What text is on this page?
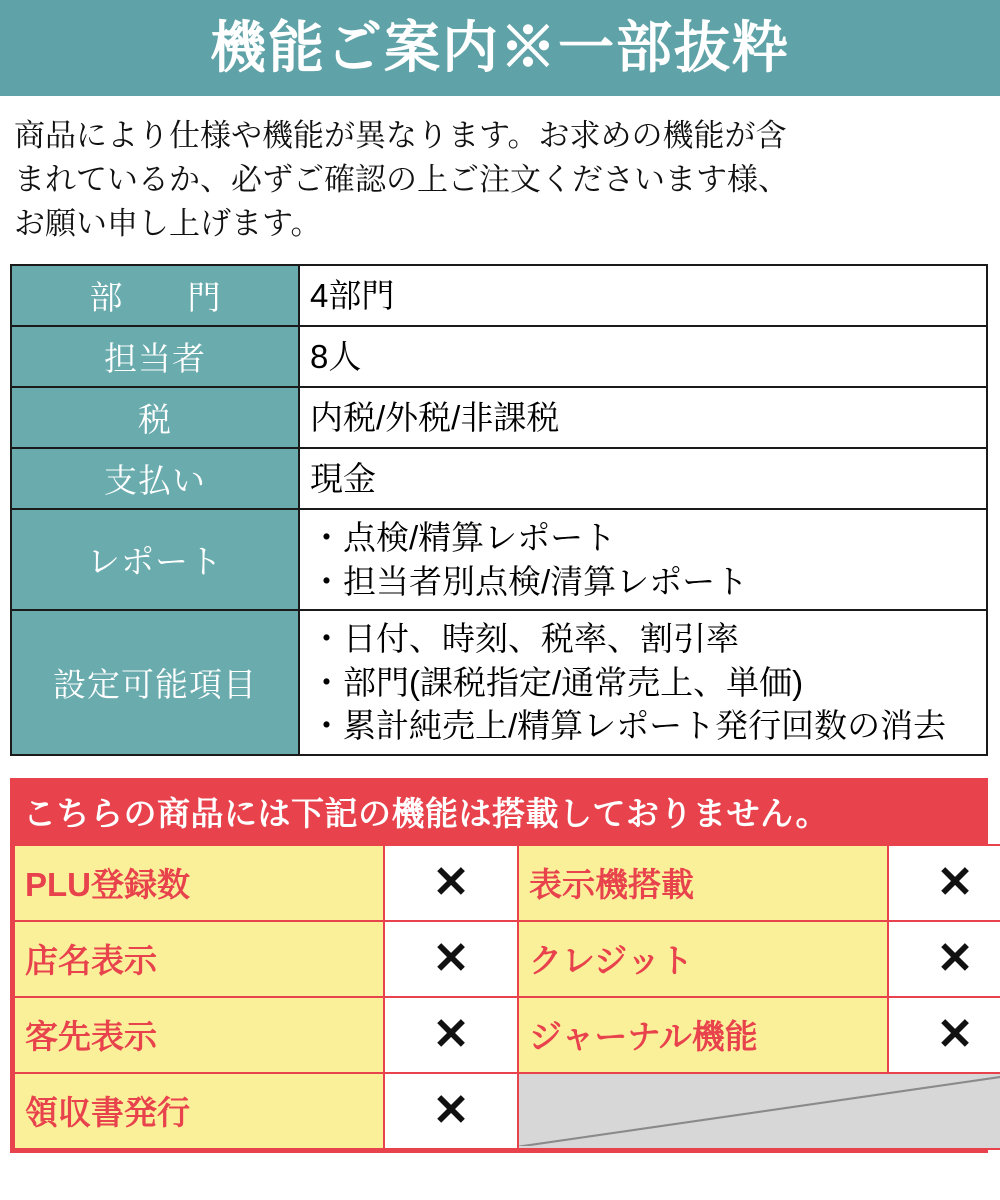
機能ご案内※一部抜粋
商品により仕様や機能が異なります。お求めの機能が含
まれているか、必ずご確認の上ご注文くださいます様、
お願い申し上げます。
部　門	4部門

担当者	8人

税	内税/外税/非課税

支払い	現金

レポート	・点検/精算レポート
・担当者別点検/清算レポート

設定可能項目	・日付、時刻、税率、割引率
・部門(課税指定/通常売上、単価)
・累計純売上/精算レポート発行回数の消去
こちらの商品には下記の機能は搭載しておりません。
PLU登録数	✕	表示機搭載	✕
店名表示	✕	クレジット	✕
客先表示	✕	ジャーナル機能	✕
領収書発行	✕	
